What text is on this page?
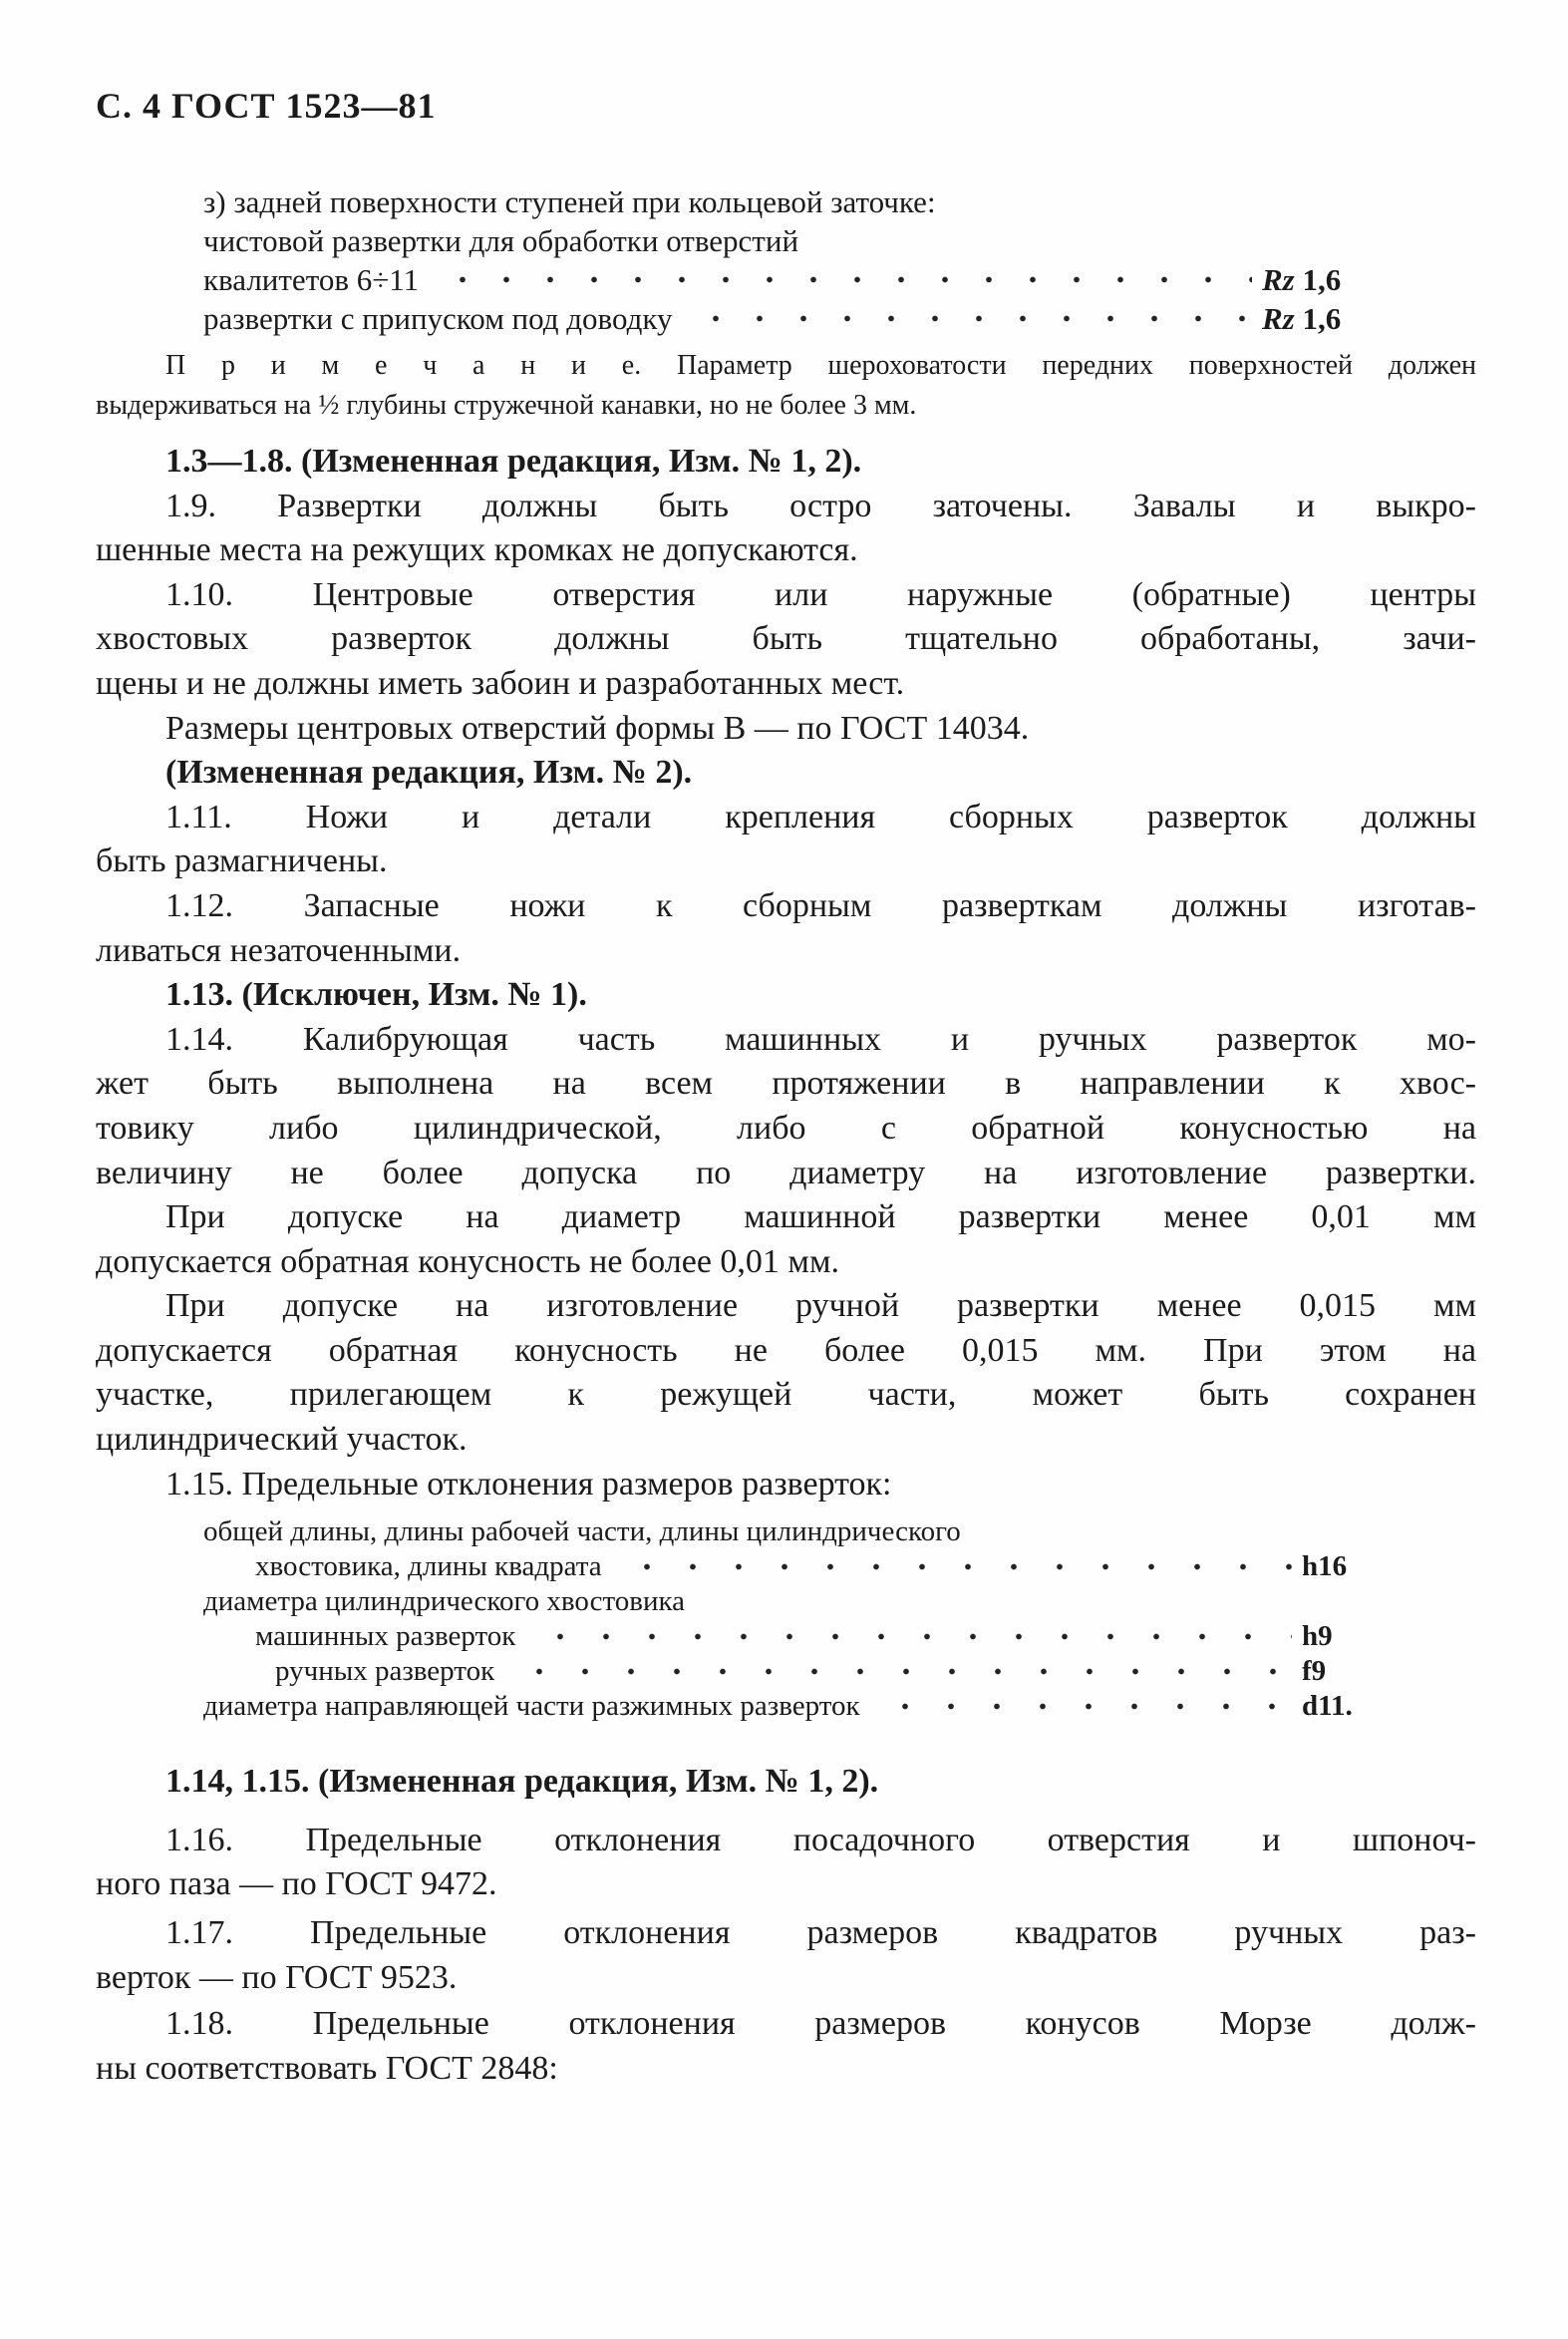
С. 4 ГОСТ 1523—81
з) задней поверхности ступеней при кольцевой заточке:
чистовой развертки для обработки отверстий
квалитетов 6÷11	Rz 1,6
развертки с припуском под доводку	Rz 1,6
П р и м е ч а н и е. Параметр шероховатости передних поверхностей должен
выдерживаться на ½ глубины стружечной канавки, но не более 3 мм.
1.3—1.8. (Измененная редакция, Изм. № 1, 2).
1.9. Развертки должны быть остро заточены. Завалы и выкро-
шенные места на режущих кромках не допускаются.
1.10. Центровые отверстия или наружные (обратные) центры
хвостовых разверток должны быть тщательно обработаны, зачи-
щены и не должны иметь забоин и разработанных мест.
Размеры центровых отверстий формы В — по ГОСТ 14034.
(Измененная редакция, Изм. № 2).
1.11. Ножи и детали крепления сборных разверток должны
быть размагничены.
1.12. Запасные ножи к сборным разверткам должны изготав-
ливаться незаточенными.
1.13. (Исключен, Изм. № 1).
1.14. Калибрующая часть машинных и ручных разверток мо-
жет быть выполнена на всем протяжении в направлении к хвос-
товику либо цилиндрической, либо с обратной конусностью на
величину не более допуска по диаметру на изготовление развертки.
При допуске на диаметр машинной развертки менее 0,01 мм
допускается обратная конусность не более 0,01 мм.
При допуске на изготовление ручной развертки менее 0,015 мм
допускается обратная конусность не более 0,015 мм. При этом на
участке, прилегающем к режущей части, может быть сохранен
цилиндрический участок.
1.15. Предельные отклонения размеров разверток:
общей длины, длины рабочей части, длины цилиндрического
хвостовика, длины квадрата	h16
диаметра цилиндрического хвостовика
машинных разверток	h9
ручных разверток	f9
диаметра направляющей части разжимных разверток	d11.
1.14, 1.15. (Измененная редакция, Изм. № 1, 2).
1.16. Предельные отклонения посадочного отверстия и шпоноч-
ного паза — по ГОСТ 9472.
1.17. Предельные отклонения размеров квадратов ручных раз-
верток — по ГОСТ 9523.
1.18. Предельные отклонения размеров конусов Морзе долж-
ны соответствовать ГОСТ 2848:
